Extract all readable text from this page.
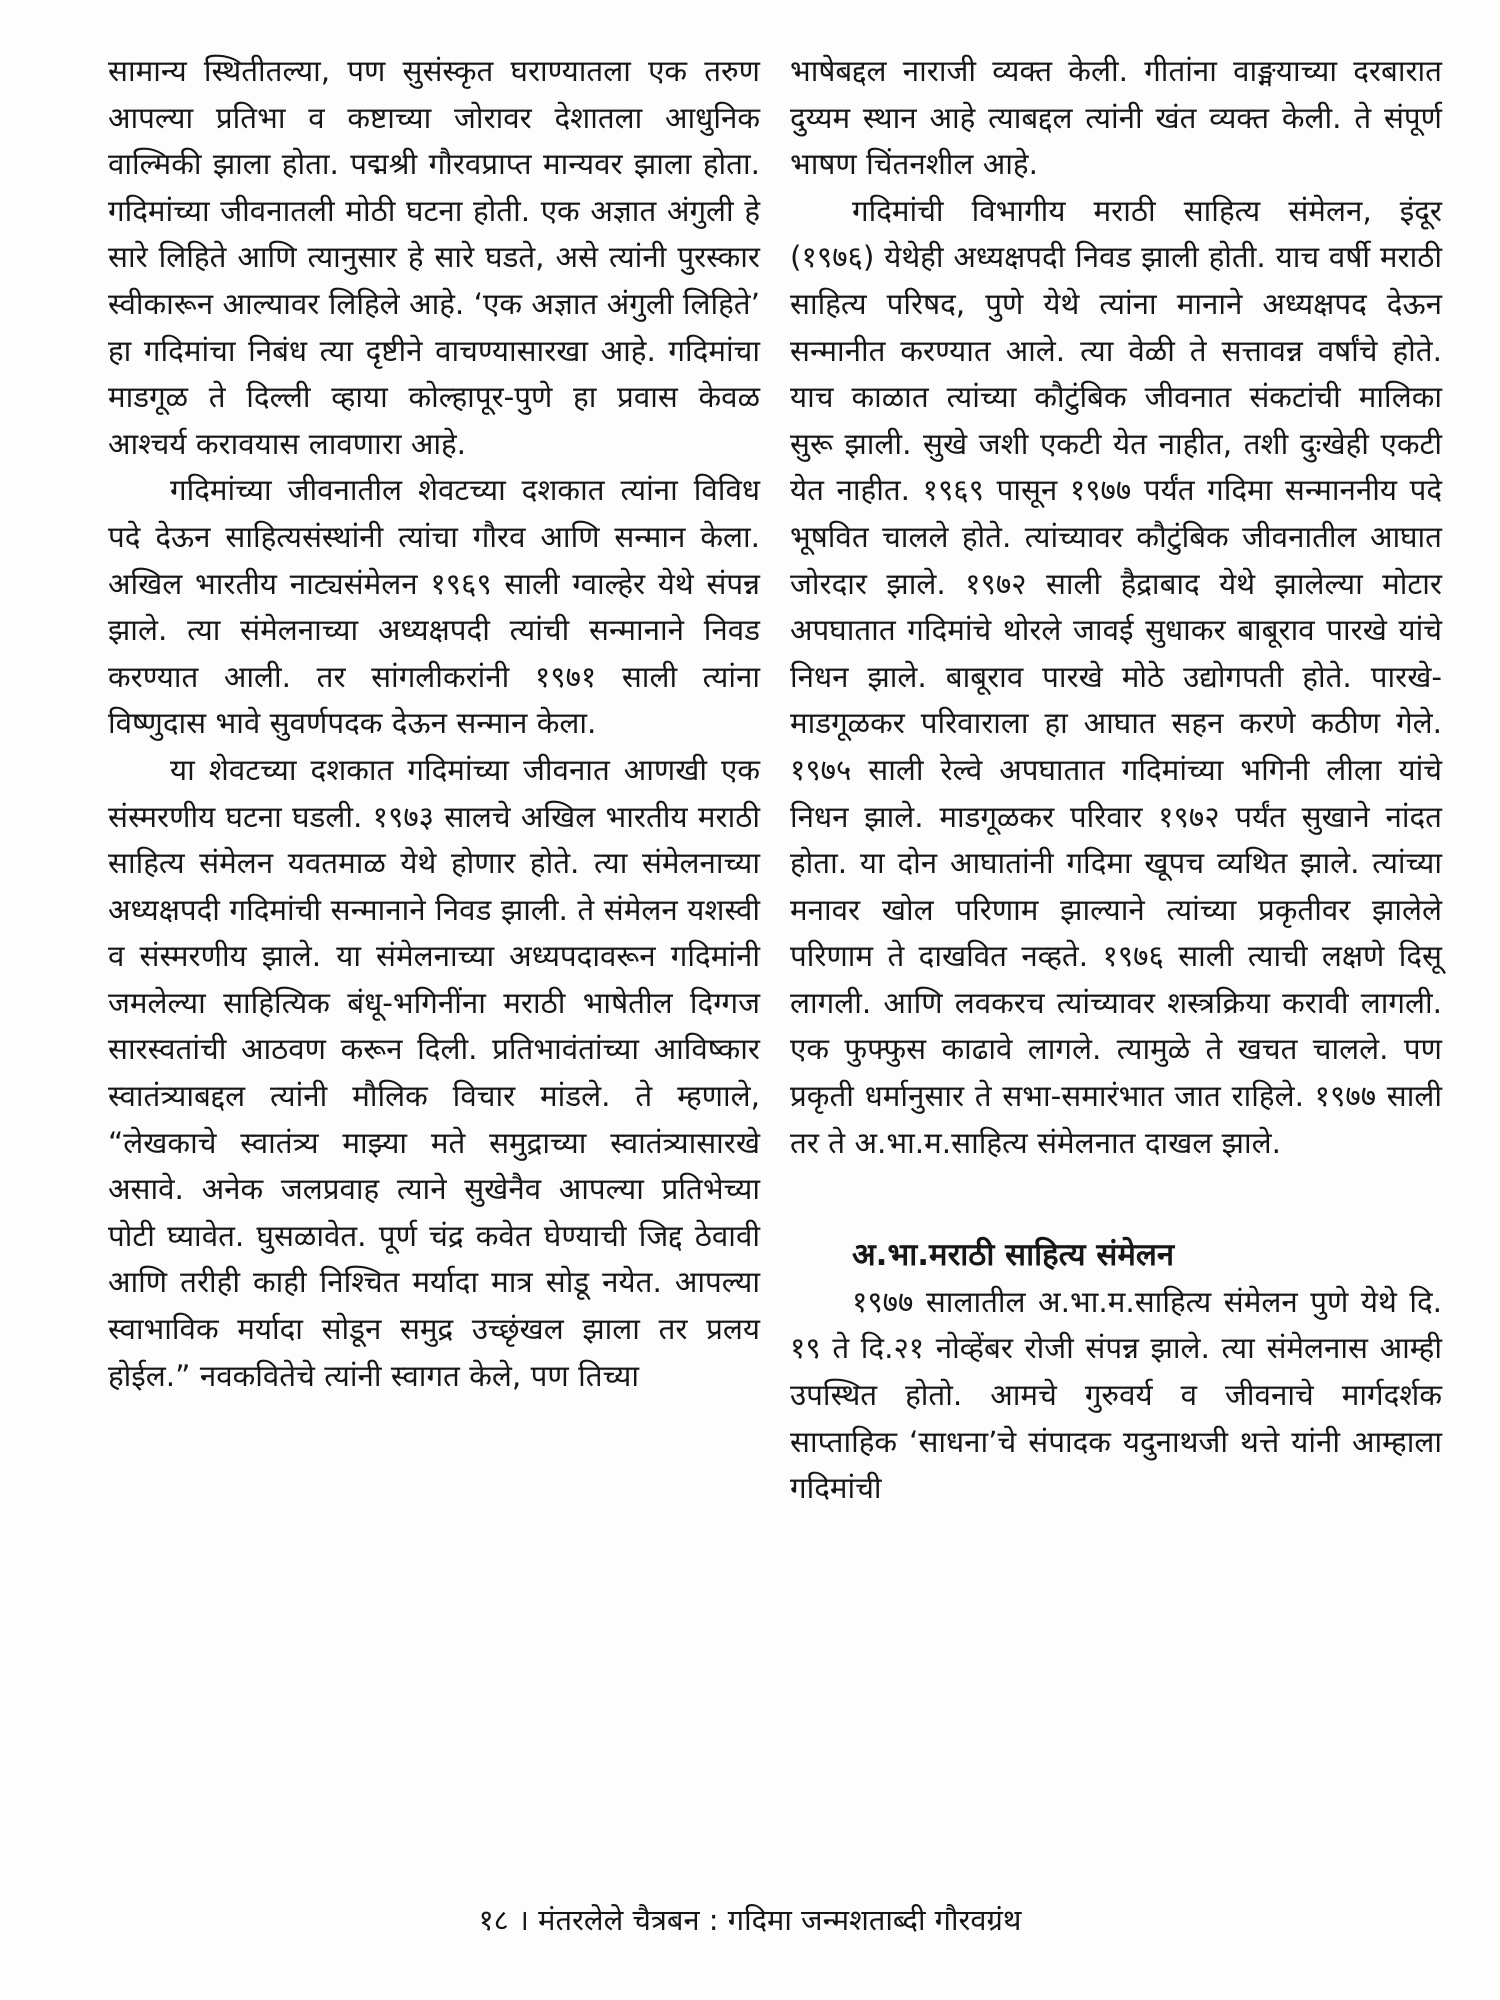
सामान्य स्थितीतल्या, पण सुसंस्कृत घराण्यातला एक तरुण आपल्या प्रतिभा व कष्टाच्या जोरावर देशातला आधुनिक वाल्मिकी झाला होता. पद्मश्री गौरवप्राप्त मान्यवर झाला होता. गदिमांच्या जीवनातली मोठी घटना होती. एक अज्ञात अंगुली हे सारे लिहिते आणि त्यानुसार हे सारे घडते, असे त्यांनी पुरस्कार स्वीकारून आल्यावर लिहिले आहे. ‘एक अज्ञात अंगुली लिहिते’ हा गदिमांचा निबंध त्या दृष्टीने वाचण्यासारखा आहे. गदिमांचा माडगूळ ते दिल्ली व्हाया कोल्हापूर-पुणे हा प्रवास केवळ आश्चर्य करावयास लावणारा आहे.

गदिमांच्या जीवनातील शेवटच्या दशकात त्यांना विविध पदे देऊन साहित्यसंस्थांनी त्यांचा गौरव आणि सन्मान केला. अखिल भारतीय नाट्यसंमेलन १९६९ साली ग्वाल्हेर येथे संपन्न झाले. त्या संमेलनाच्या अध्यक्षपदी त्यांची सन्मानाने निवड करण्यात आली. तर सांगलीकरांनी १९७१ साली त्यांना विष्णुदास भावे सुवर्णपदक देऊन सन्मान केला.

या शेवटच्या दशकात गदिमांच्या जीवनात आणखी एक संस्मरणीय घटना घडली. १९७३ सालचे अखिल भारतीय मराठी साहित्य संमेलन यवतमाळ येथे होणार होते. त्या संमेलनाच्या अध्यक्षपदी गदिमांची सन्मानाने निवड झाली. ते संमेलन यशस्वी व संस्मरणीय झाले. या संमेलनाच्या अध्यपदावरून गदिमांनी जमलेल्या साहित्यिक बंधू-भगिनींना मराठी भाषेतील दिग्गज सारस्वतांची आठवण करून दिली. प्रतिभावंतांच्या आविष्कार स्वातंत्र्याबद्दल त्यांनी मौलिक विचार मांडले. ते म्हणाले, “लेखकाचे स्वातंत्र्य माझ्या मते समुद्राच्या स्वातंत्र्यासारखे असावे. अनेक जलप्रवाह त्याने सुखेनैव आपल्या प्रतिभेच्या पोटी घ्यावेत. घुसळावेत. पूर्ण चंद्र कवेत घेण्याची जिद्द ठेवावी आणि तरीही काही निश्चित मर्यादा मात्र सोडू नयेत. आपल्या स्वाभाविक मर्यादा सोडून समुद्र उच्छृंखल झाला तर प्रलय होईल.” नवकवितेचे त्यांनी स्वागत केले, पण तिच्या

भाषेबद्दल नाराजी व्यक्त केली. गीतांना वाङ्मयाच्या दरबारात दुय्यम स्थान आहे त्याबद्दल त्यांनी खंत व्यक्त केली. ते संपूर्ण भाषण चिंतनशील आहे.

गदिमांची विभागीय मराठी साहित्य संमेलन, इंदूर (१९७६) येथेही अध्यक्षपदी निवड झाली होती. याच वर्षी मराठी साहित्य परिषद, पुणे येथे त्यांना मानाने अध्यक्षपद देऊन सन्मानीत करण्यात आले. त्या वेळी ते सत्तावन्न वर्षांचे होते. याच काळात त्यांच्या कौटुंबिक जीवनात संकटांची मालिका सुरू झाली. सुखे जशी एकटी येत नाहीत, तशी दुःखेही एकटी येत नाहीत. १९६९ पासून १९७७ पर्यंत गदिमा सन्माननीय पदे भूषवित चालले होते. त्यांच्यावर कौटुंबिक जीवनातील आघात जोरदार झाले. १९७२ साली हैद्राबाद येथे झालेल्या मोटार अपघातात गदिमांचे थोरले जावई सुधाकर बाबूराव पारखे यांचे निधन झाले. बाबूराव पारखे मोठे उद्योगपती होते. पारखे-माडगूळकर परिवाराला हा आघात सहन करणे कठीण गेले. १९७५ साली रेल्वे अपघातात गदिमांच्या भगिनी लीला यांचे निधन झाले. माडगूळकर परिवार १९७२ पर्यंत सुखाने नांदत होता. या दोन आघातांनी गदिमा खूपच व्यथित झाले. त्यांच्या मनावर खोल परिणाम झाल्याने त्यांच्या प्रकृतीवर झालेले परिणाम ते दाखवित नव्हते. १९७६ साली त्याची लक्षणे दिसू लागली. आणि लवकरच त्यांच्यावर शस्त्रक्रिया करावी लागली. एक फुफ्फुस काढावे लागले. त्यामुळे ते खचत चालले. पण प्रकृती धर्मानुसार ते सभा-समारंभात जात राहिले. १९७७ साली तर ते अ.भा.म.साहित्य संमेलनात दाखल झाले.

अ.भा.मराठी साहित्य संमेलन

१९७७ सालातील अ.भा.म.साहित्य संमेलन पुणे येथे दि. १९ ते दि.२१ नोव्हेंबर रोजी संपन्न झाले. त्या संमेलनास आम्ही उपस्थित होतो. आमचे गुरुवर्य व जीवनाचे मार्गदर्शक साप्ताहिक ‘साधना’चे संपादक यदुनाथजी थत्ते यांनी आम्हाला गदिमांची

१८ । मंतरलेले चैत्रबन : गदिमा जन्मशताब्दी गौरवग्रंथ
